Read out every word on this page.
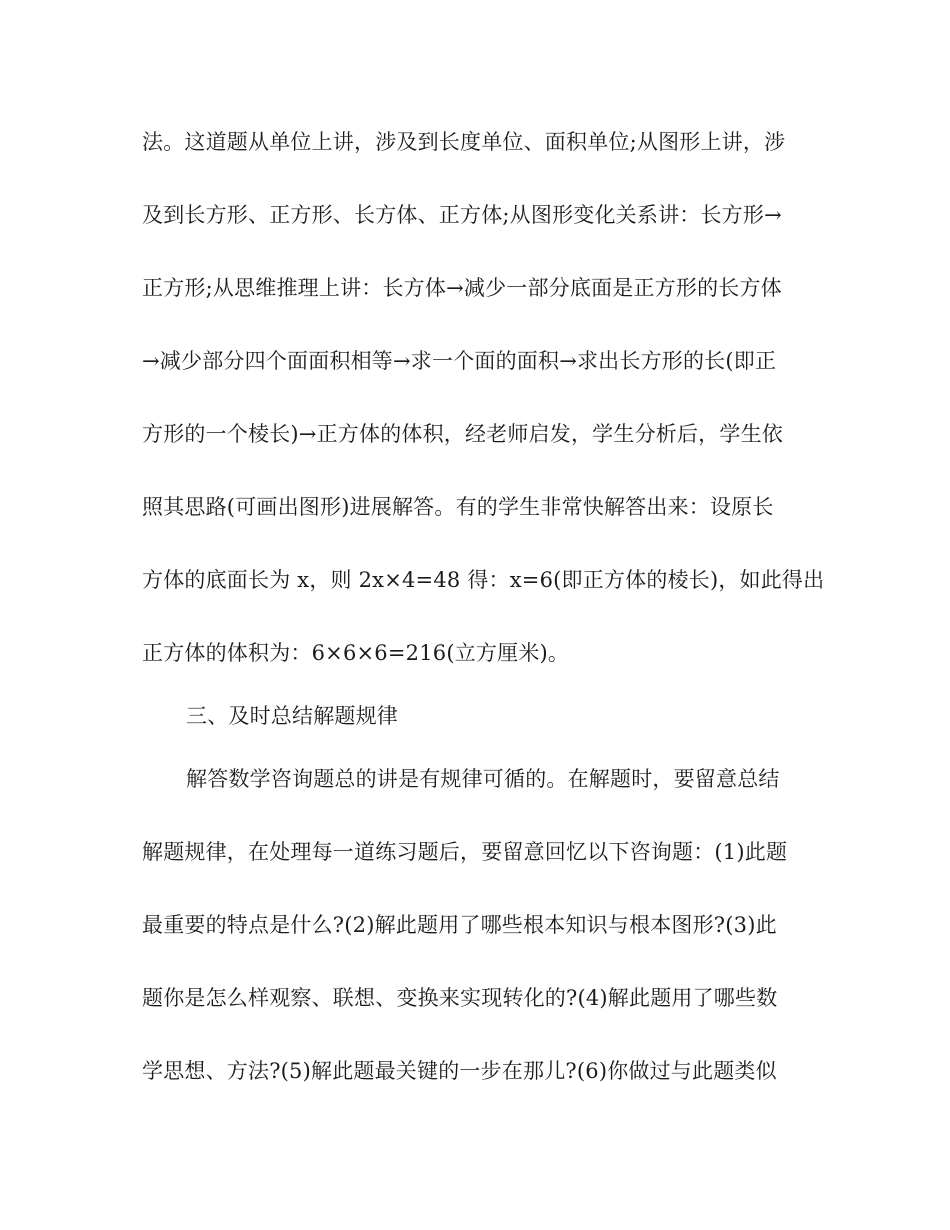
法。这道题从单位上讲，涉及到长度单位、面积单位;从图形上讲，涉
及到长方形、正方形、长方体、正方体;从图形变化关系讲：长方形→
正方形;从思维推理上讲：长方体→减少一部分底面是正方形的长方体
→减少部分四个面面积相等→求一个面的面积→求出长方形的长(即正
方形的一个棱长)→正方体的体积，经老师启发，学生分析后，学生依
照其思路(可画出图形)进展解答。有的学生非常快解答出来：设原长
方体的底面长为 x，则 2x×4=48 得：x=6(即正方体的棱长)，如此得出
正方体的体积为：6×6×6=216(立方厘米)。
三、及时总结解题规律
解答数学咨询题总的讲是有规律可循的。在解题时，要留意总结
解题规律，在处理每一道练习题后，要留意回忆以下咨询题：(1)此题
最重要的特点是什么?(2)解此题用了哪些根本知识与根本图形?(3)此
题你是怎么样观察、联想、变换来实现转化的?(4)解此题用了哪些数
学思想、方法?(5)解此题最关键的一步在那儿?(6)你做过与此题类似
